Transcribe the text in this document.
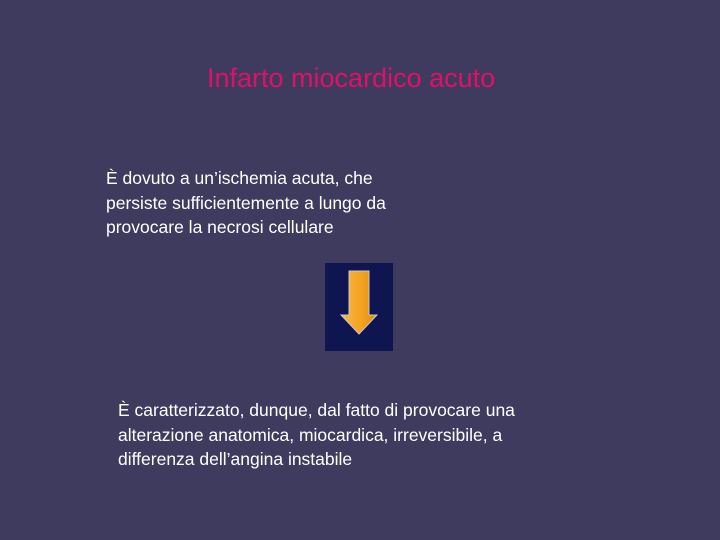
Infarto miocardico acuto
È dovuto a un’ischemia acuta, che
persiste sufficientemente a lungo da
provocare la necrosi cellulare
È caratterizzato, dunque, dal fatto di provocare una
alterazione anatomica, miocardica, irreversibile, a
differenza dell’angina instabile
